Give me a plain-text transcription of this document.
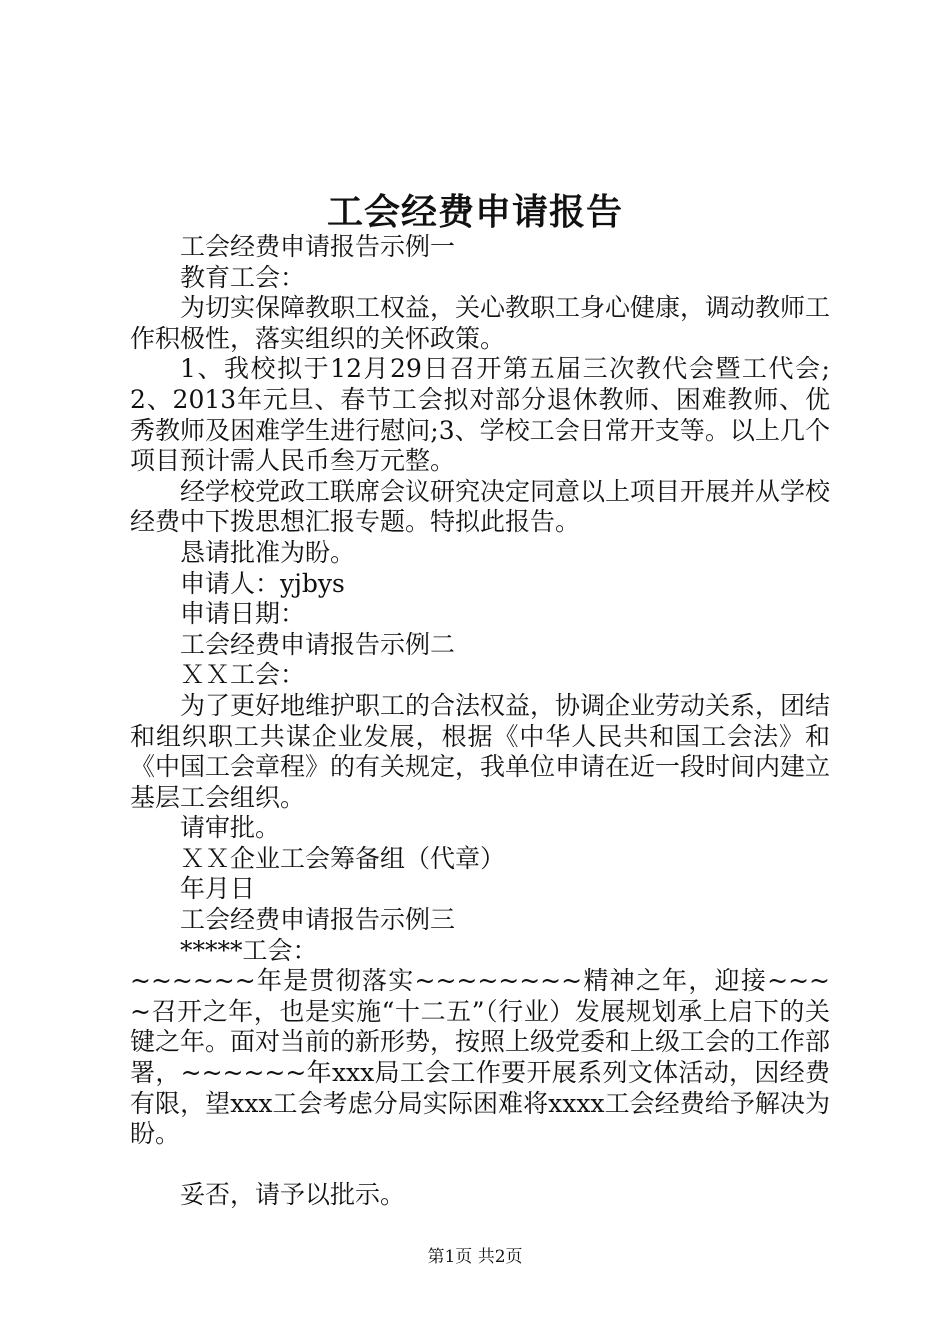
工会经费申请报告

工会经费申请报告示例一

教育工会：

为切实保障教职工权益，关心教职工身心健康，调动教师工作积极性，落实组织的关怀政策。

1、我校拟于12月29日召开第五届三次教代会暨工代会;2、2013年元旦、春节工会拟对部分退休教师、困难教师、优秀教师及困难学生进行慰问;3、学校工会日常开支等。以上几个项目预计需人民币叁万元整。

经学校党政工联席会议研究决定同意以上项目开展并从学校经费中下拨思想汇报专题。特拟此报告。

恳请批准为盼。

申请人：yjbys

申请日期：

工会经费申请报告示例二

ＸＸ工会：

为了更好地维护职工的合法权益，协调企业劳动关系，团结和组织职工共谋企业发展，根据《中华人民共和国工会法》和《中国工会章程》的有关规定，我单位申请在近一段时间内建立基层工会组织。

请审批。

ＸＸ企业工会筹备组（代章）

年月日

工会经费申请报告示例三

*****工会：

~~~~~~年是贯彻落实~~~~~~~~精神之年，迎接~~~~召开之年，也是实施“十二五”（行业）发展规划承上启下的关键之年。面对当前的新形势，按照上级党委和上级工会的工作部署，~~~~~~年xxx局工会工作要开展系列文体活动，因经费有限，望xxx工会考虑分局实际困难将xxxx工会经费给予解决为盼。

妥否，请予以批示。

第1页 共2页
